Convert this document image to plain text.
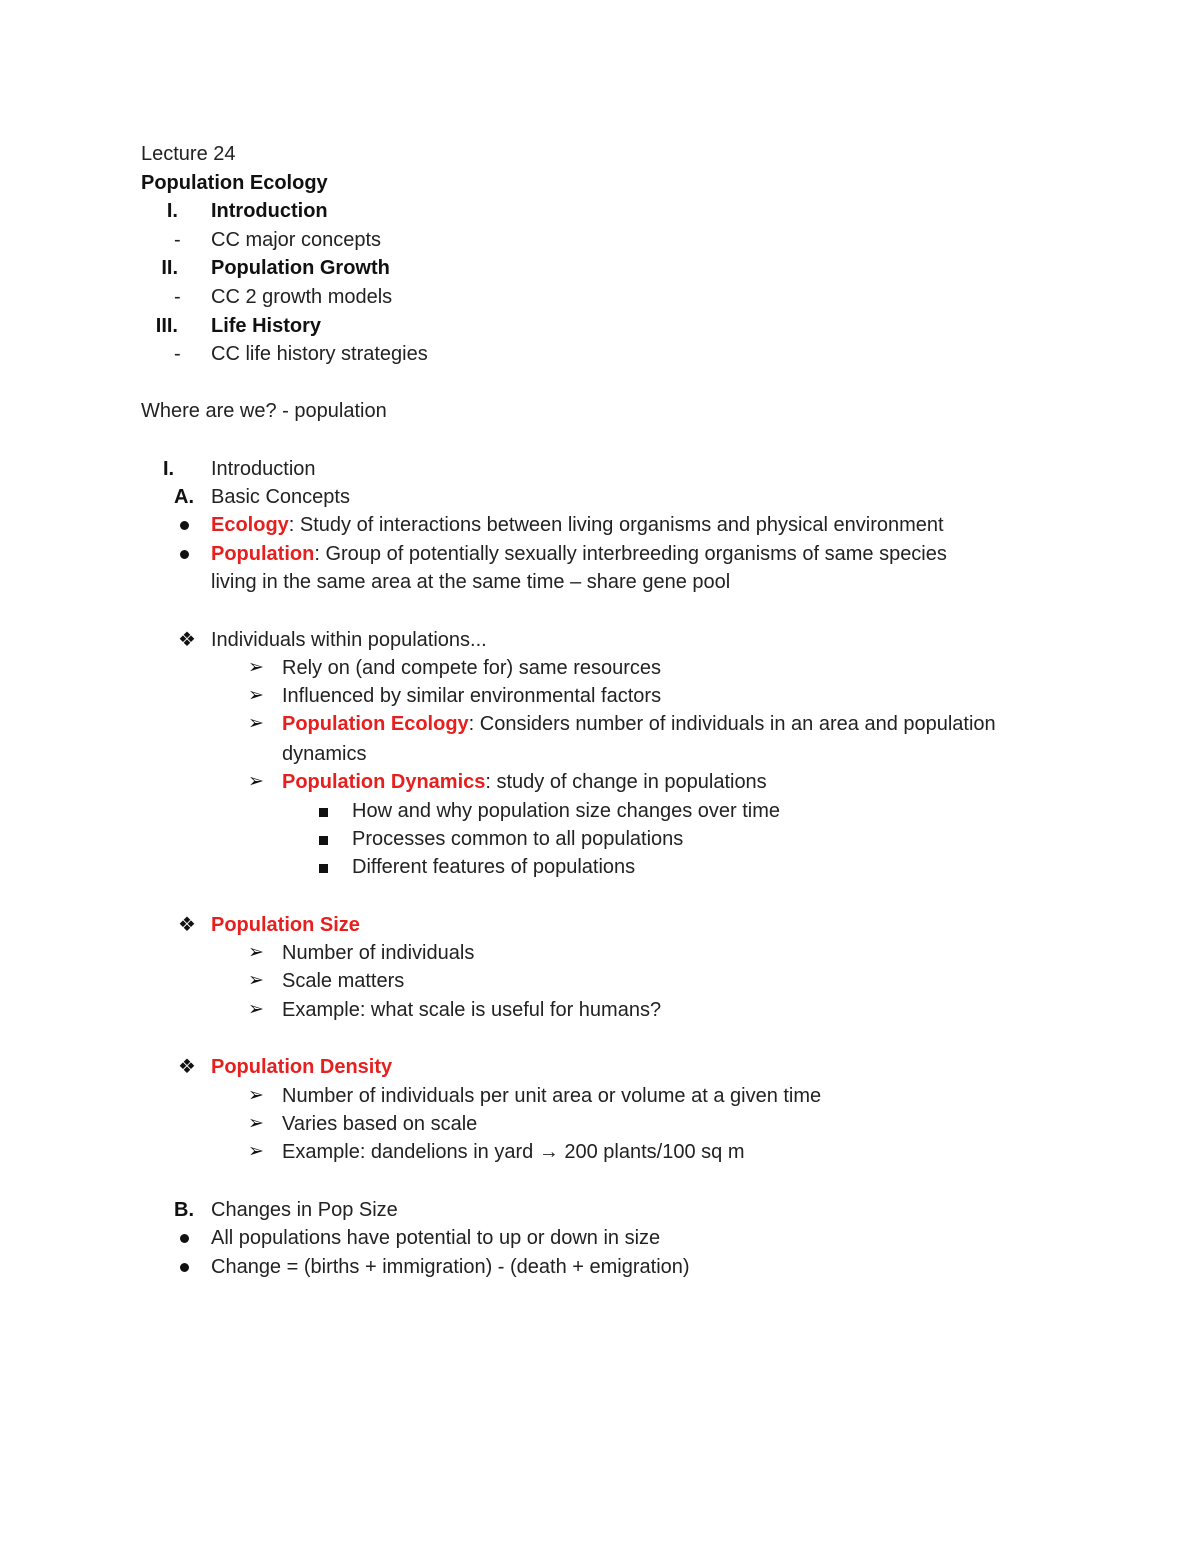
Lecture 24
Population Ecology
I. Introduction
- CC major concepts
II. Population Growth
- CC 2 growth models
III. Life History
- CC life history strategies
Where are we? - population
I. Introduction
A. Basic Concepts
Ecology: Study of interactions between living organisms and physical environment
Population: Group of potentially sexually interbreeding organisms of same species
living in the same area at the same time – share gene pool
❖ Individuals within populations...
➢ Rely on (and compete for) same resources
➢ Influenced by similar environmental factors
➢ Population Ecology: Considers number of individuals in an area and population
dynamics
➢ Population Dynamics: study of change in populations
How and why population size changes over time
Processes common to all populations
Different features of populations
❖ Population Size
➢ Number of individuals
➢ Scale matters
➢ Example: what scale is useful for humans?
❖ Population Density
➢ Number of individuals per unit area or volume at a given time
➢ Varies based on scale
➢ Example: dandelions in yard → 200 plants/100 sq m
B. Changes in Pop Size
All populations have potential to up or down in size
Change = (births + immigration) - (death + emigration)
